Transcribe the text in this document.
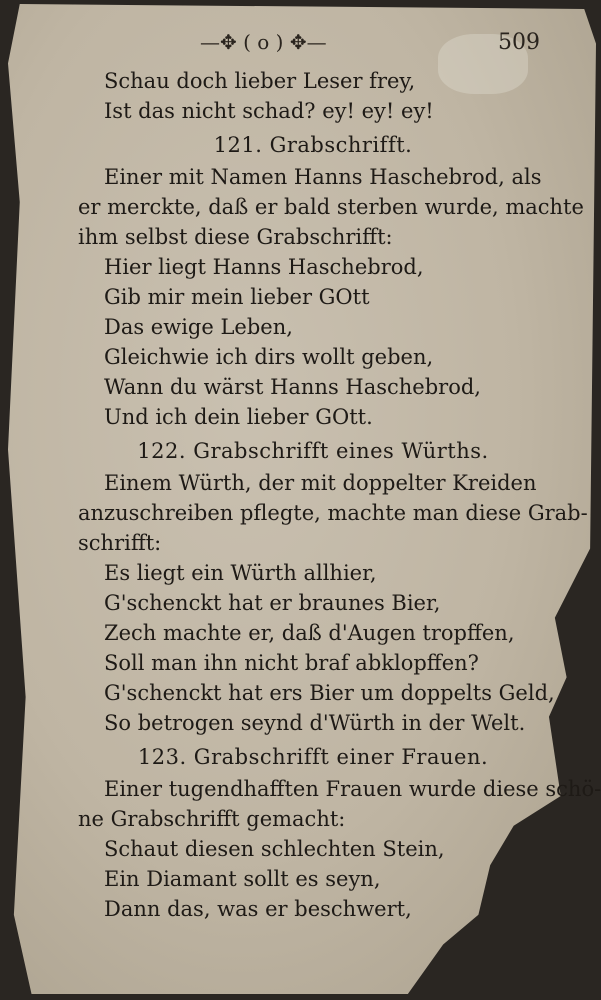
—✥ ( o ) ✥—	509
Schau doch lieber Leser frey,
Ist das nicht schad? ey! ey! ey!
121. Grabschrifft.
Einer mit Namen Hanns Haschebrod, als
er merckte, daß er bald sterben wurde, machte
ihm selbst diese Grabschrifft:
Hier liegt Hanns Haschebrod,
Gib mir mein lieber GOtt
Das ewige Leben,
Gleichwie ich dirs wollt geben,
Wann du wärst Hanns Haschebrod,
Und ich dein lieber GOtt.
122. Grabschrifft eines Würths.
Einem Würth, der mit doppelter Kreiden
anzuschreiben pflegte, machte man diese Grab-
schrifft:
Es liegt ein Würth allhier,
G'schenckt hat er braunes Bier,
Zech machte er, daß d'Augen tropffen,
Soll man ihn nicht braf abklopffen?
G'schenckt hat ers Bier um doppelts Geld,
So betrogen seynd d'Würth in der Welt.
123. Grabschrifft einer Frauen.
Einer tugendhafften Frauen wurde diese schö-
ne Grabschrifft gemacht:
Schaut diesen schlechten Stein,
Ein Diamant sollt es seyn,
Dann das, was er beschwert,
